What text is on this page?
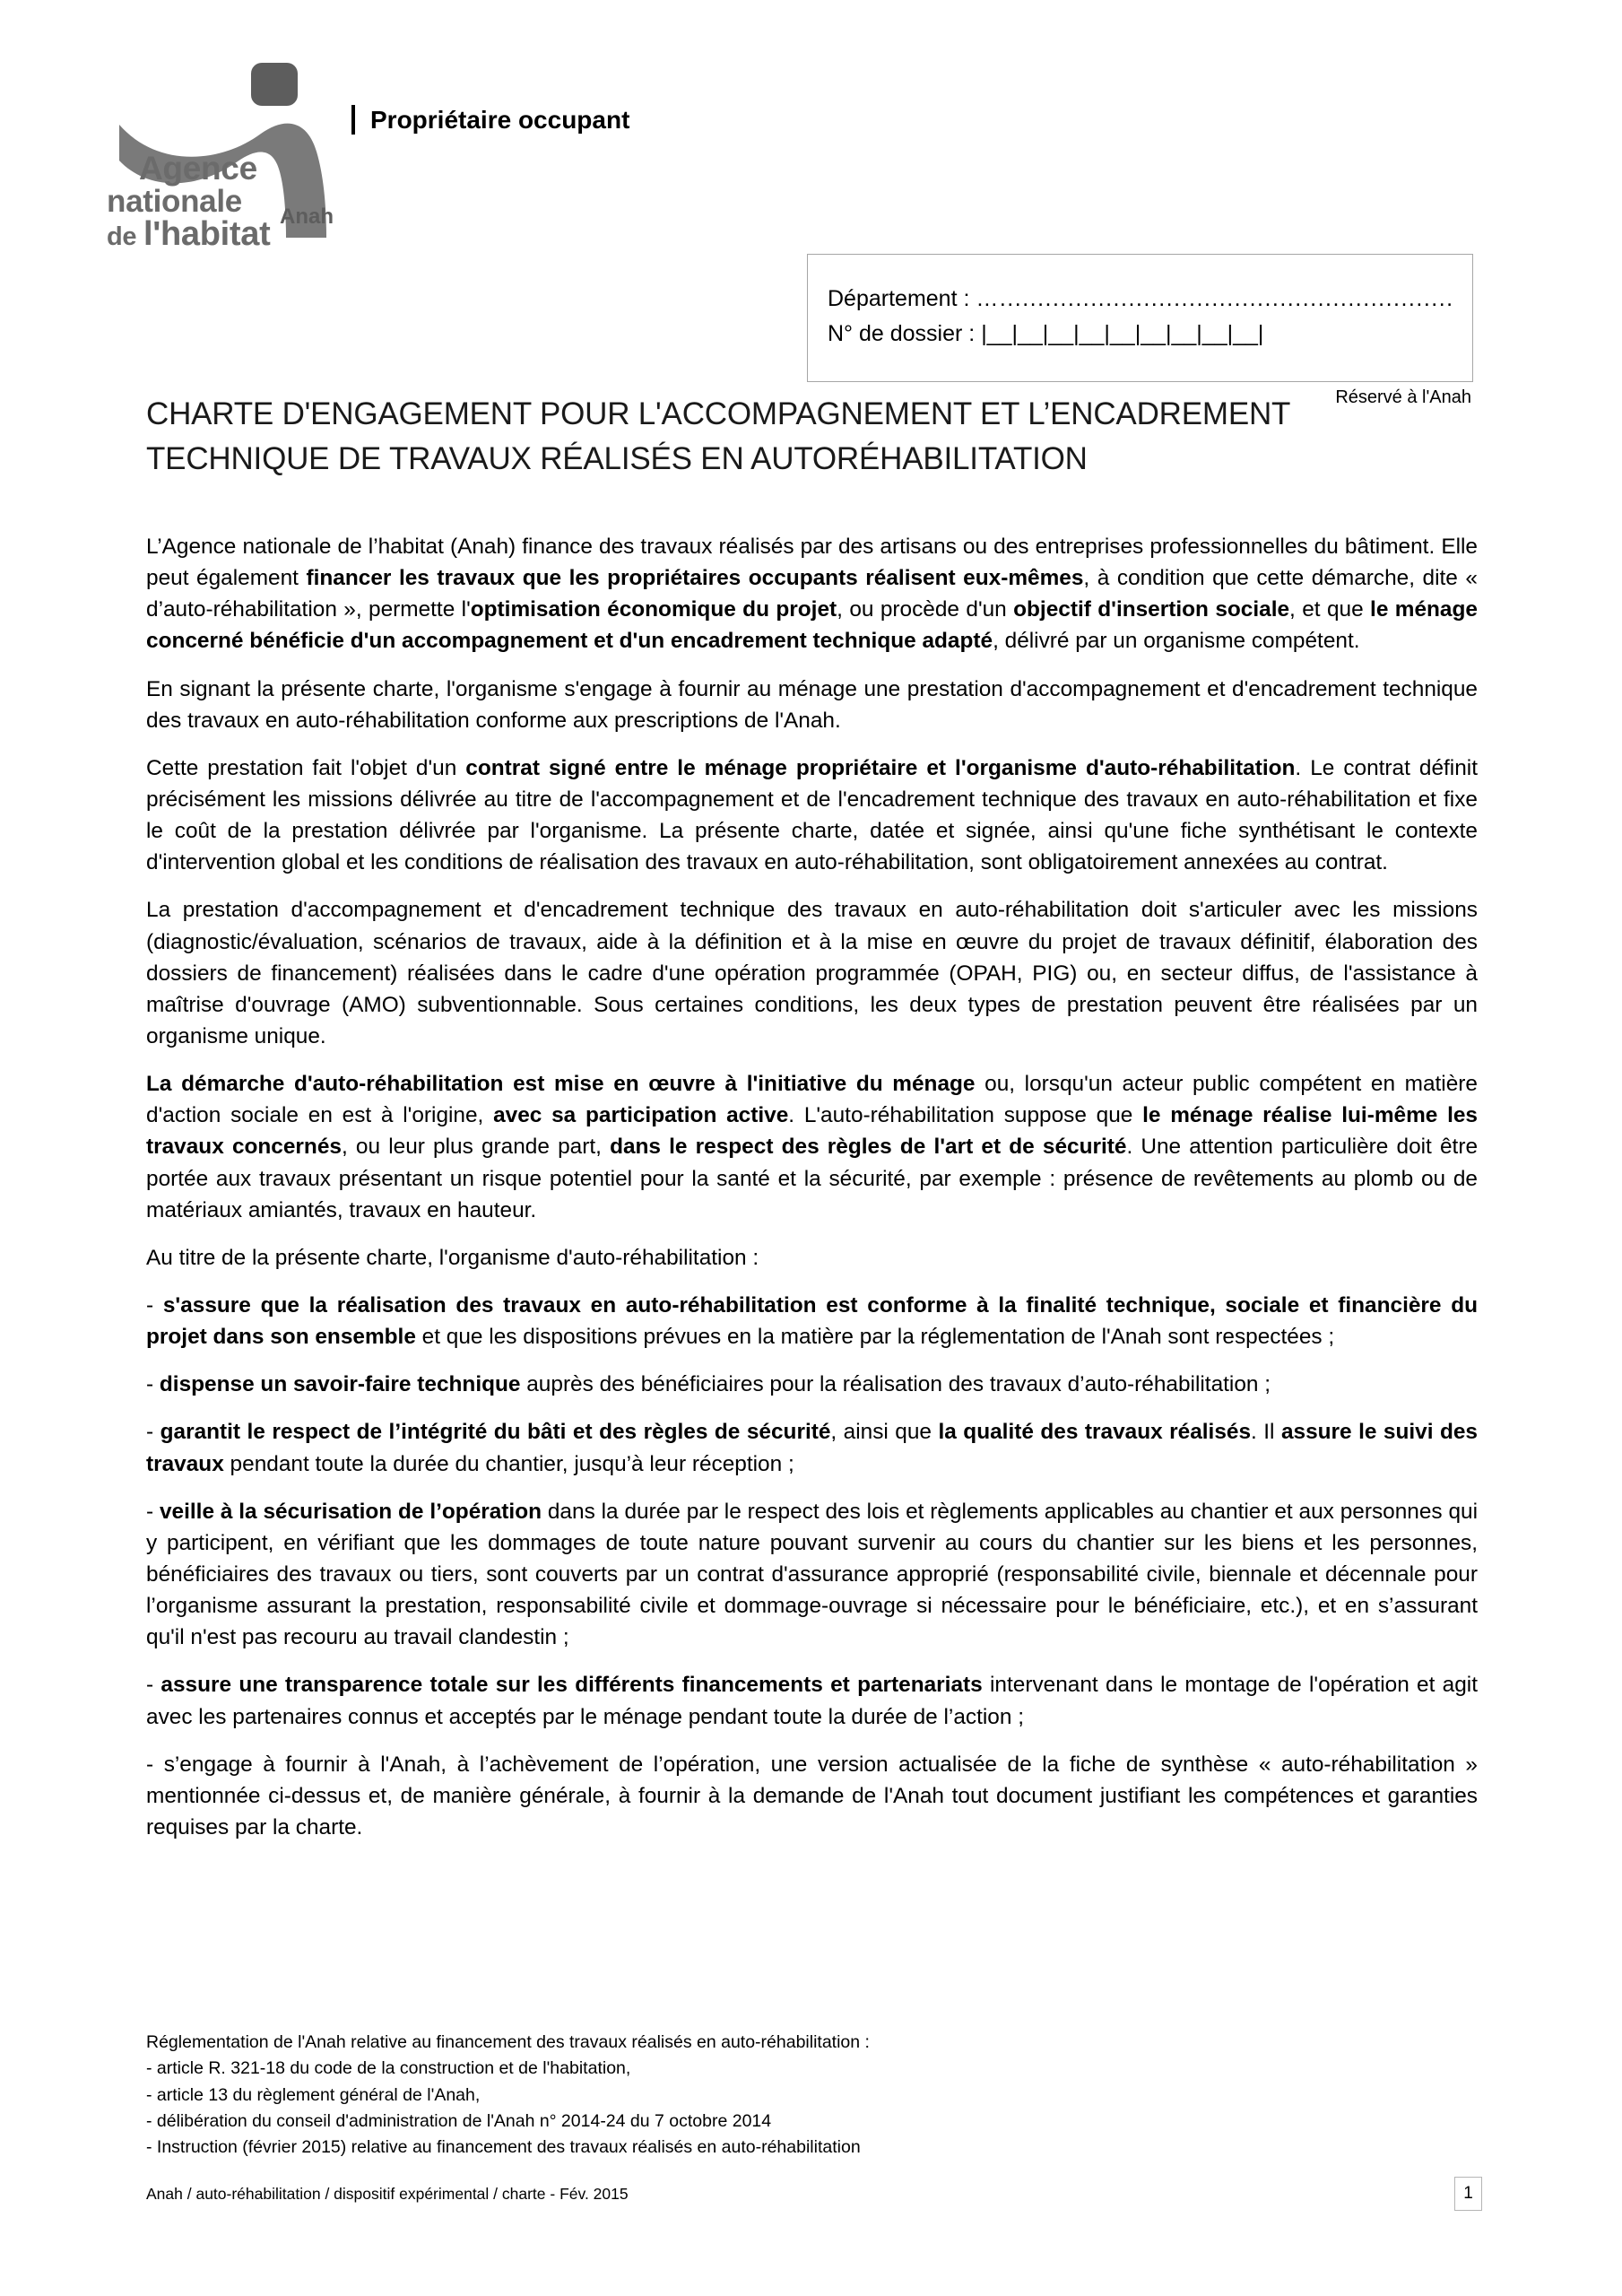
Agence
nationale
de l'habitat Anah
Propriétaire occupant
Département : …............................................................
N° de dossier : |__|__|__|__|__|__|__|__|__|
Réservé à l'Anah
CHARTE D'ENGAGEMENT POUR L'ACCOMPAGNEMENT ET L’ENCADREMENT
TECHNIQUE DE TRAVAUX RÉALISÉS EN AUTORÉHABILITATION

L’Agence nationale de l’habitat (Anah) finance des travaux réalisés par des artisans ou des entreprises professionnelles du bâtiment. Elle peut également financer les travaux que les propriétaires occupants réalisent eux-mêmes, à condition que cette démarche, dite « d’auto-réhabilitation », permette l'optimisation économique du projet, ou procède d'un objectif d'insertion sociale, et que le ménage concerné bénéficie d'un accompagnement et d'un encadrement technique adapté, délivré par un organisme compétent.

En signant la présente charte, l'organisme s'engage à fournir au ménage une prestation d'accompagnement et d'encadrement technique des travaux en auto-réhabilitation conforme aux prescriptions de l'Anah.

Cette prestation fait l'objet d'un contrat signé entre le ménage propriétaire et l'organisme d'auto-réhabilitation. Le contrat définit précisément les missions délivrée au titre de l'accompagnement et de l'encadrement technique des travaux en auto-réhabilitation et fixe le coût de la prestation délivrée par l'organisme. La présente charte, datée et signée, ainsi qu'une fiche synthétisant le contexte d'intervention global et les conditions de réalisation des travaux en auto-réhabilitation, sont obligatoirement annexées au contrat.

La prestation d'accompagnement et d'encadrement technique des travaux en auto-réhabilitation doit s'articuler avec les missions (diagnostic/évaluation, scénarios de travaux, aide à la définition et à la mise en œuvre du projet de travaux définitif, élaboration des dossiers de financement) réalisées dans le cadre d'une opération programmée (OPAH, PIG) ou, en secteur diffus, de l'assistance à maîtrise d'ouvrage (AMO) subventionnable. Sous certaines conditions, les deux types de prestation peuvent être réalisées par un organisme unique.

La démarche d'auto-réhabilitation est mise en œuvre à l'initiative du ménage ou, lorsqu'un acteur public compétent en matière d'action sociale en est à l'origine, avec sa participation active. L'auto-réhabilitation suppose que le ménage réalise lui-même les travaux concernés, ou leur plus grande part, dans le respect des règles de l'art et de sécurité. Une attention particulière doit être portée aux travaux présentant un risque potentiel pour la santé et la sécurité, par exemple : présence de revêtements au plomb ou de matériaux amiantés, travaux en hauteur.

Au titre de la présente charte, l'organisme d'auto-réhabilitation :

- s'assure que la réalisation des travaux en auto-réhabilitation est conforme à la finalité technique, sociale et financière du projet dans son ensemble et que les dispositions prévues en la matière par la réglementation de l'Anah sont respectées ;

- dispense un savoir-faire technique auprès des bénéficiaires pour la réalisation des travaux d’auto-réhabilitation ;

- garantit le respect de l’intégrité du bâti et des règles de sécurité, ainsi que la qualité des travaux réalisés. Il assure le suivi des travaux pendant toute la durée du chantier, jusqu’à leur réception ;

- veille à la sécurisation de l’opération dans la durée par le respect des lois et règlements applicables au chantier et aux personnes qui y participent, en vérifiant que les dommages de toute nature pouvant survenir au cours du chantier sur les biens et les personnes, bénéficiaires des travaux ou tiers, sont couverts par un contrat d'assurance approprié (responsabilité civile, biennale et décennale pour l’organisme assurant la prestation, responsabilité civile et dommage-ouvrage si nécessaire pour le bénéficiaire, etc.), et en s’assurant qu'il n'est pas recouru au travail clandestin ;

- assure une transparence totale sur les différents financements et partenariats intervenant dans le montage de l'opération et agit avec les partenaires connus et acceptés par le ménage pendant toute la durée de l’action ;

- s’engage à fournir à l'Anah, à l’achèvement de l’opération, une version actualisée de la fiche de synthèse « auto-réhabilitation » mentionnée ci-dessus et, de manière générale, à fournir à la demande de l'Anah tout document justifiant les compétences et garanties requises par la charte.

Réglementation de l'Anah relative au financement des travaux réalisés en auto-réhabilitation :
- article R. 321-18 du code de la construction et de l'habitation,
- article 13 du règlement général de l'Anah,
- délibération du conseil d'administration de l'Anah n° 2014-24 du 7 octobre 2014
- Instruction (février 2015) relative au financement des travaux réalisés en auto-réhabilitation
Anah / auto-réhabilitation / dispositif expérimental / charte - Fév. 2015	1
